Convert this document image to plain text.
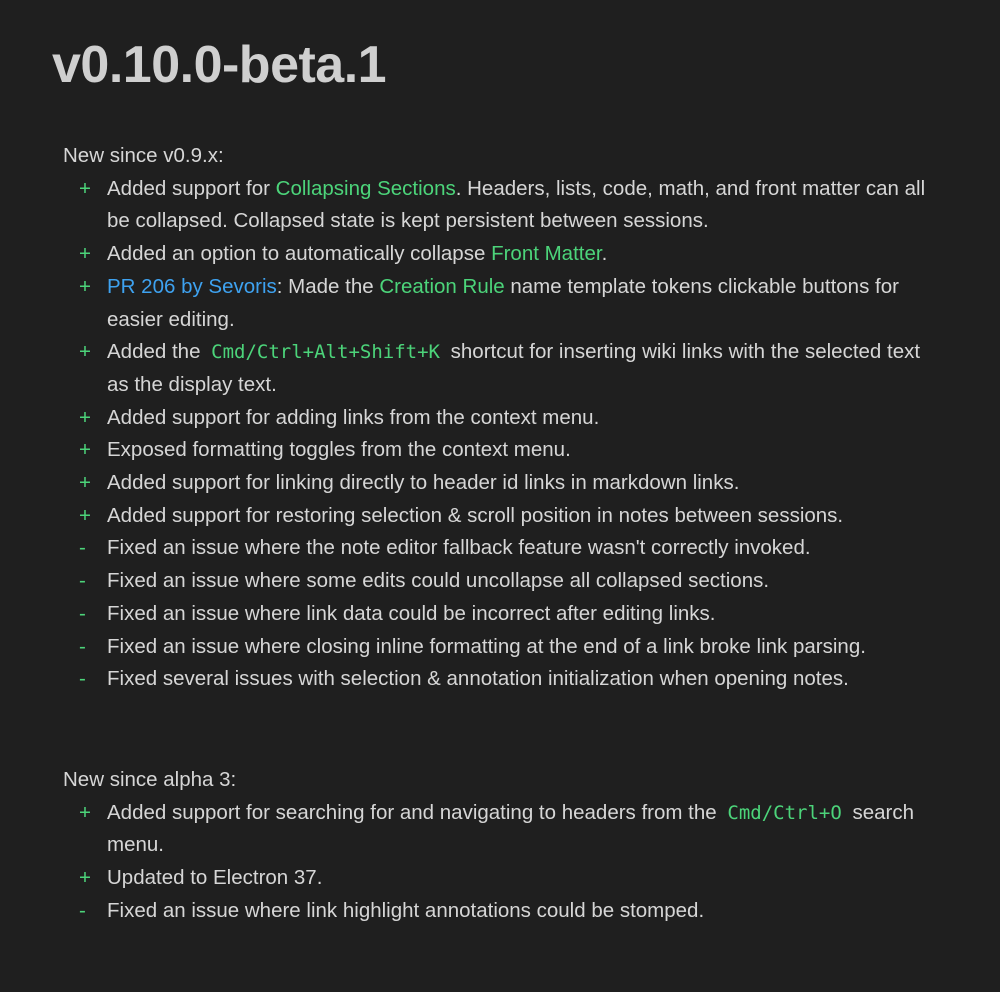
v0.10.0-beta.1
New since v0.9.x:
+ Added support for Collapsing Sections. Headers, lists, code, math, and front matter can all be collapsed. Collapsed state is kept persistent between sessions.
+ Added an option to automatically collapse Front Matter.
+ PR 206 by Sevoris: Made the Creation Rule name template tokens clickable buttons for easier editing.
+ Added the Cmd/Ctrl+Alt+Shift+K shortcut for inserting wiki links with the selected text as the display text.
+ Added support for adding links from the context menu.
+ Exposed formatting toggles from the context menu.
+ Added support for linking directly to header id links in markdown links.
+ Added support for restoring selection & scroll position in notes between sessions.
- Fixed an issue where the note editor fallback feature wasn't correctly invoked.
- Fixed an issue where some edits could uncollapse all collapsed sections.
- Fixed an issue where link data could be incorrect after editing links.
- Fixed an issue where closing inline formatting at the end of a link broke link parsing.
- Fixed several issues with selection & annotation initialization when opening notes.
New since alpha 3:
+ Added support for searching for and navigating to headers from the Cmd/Ctrl+O search menu.
+ Updated to Electron 37.
- Fixed an issue where link highlight annotations could be stomped.
